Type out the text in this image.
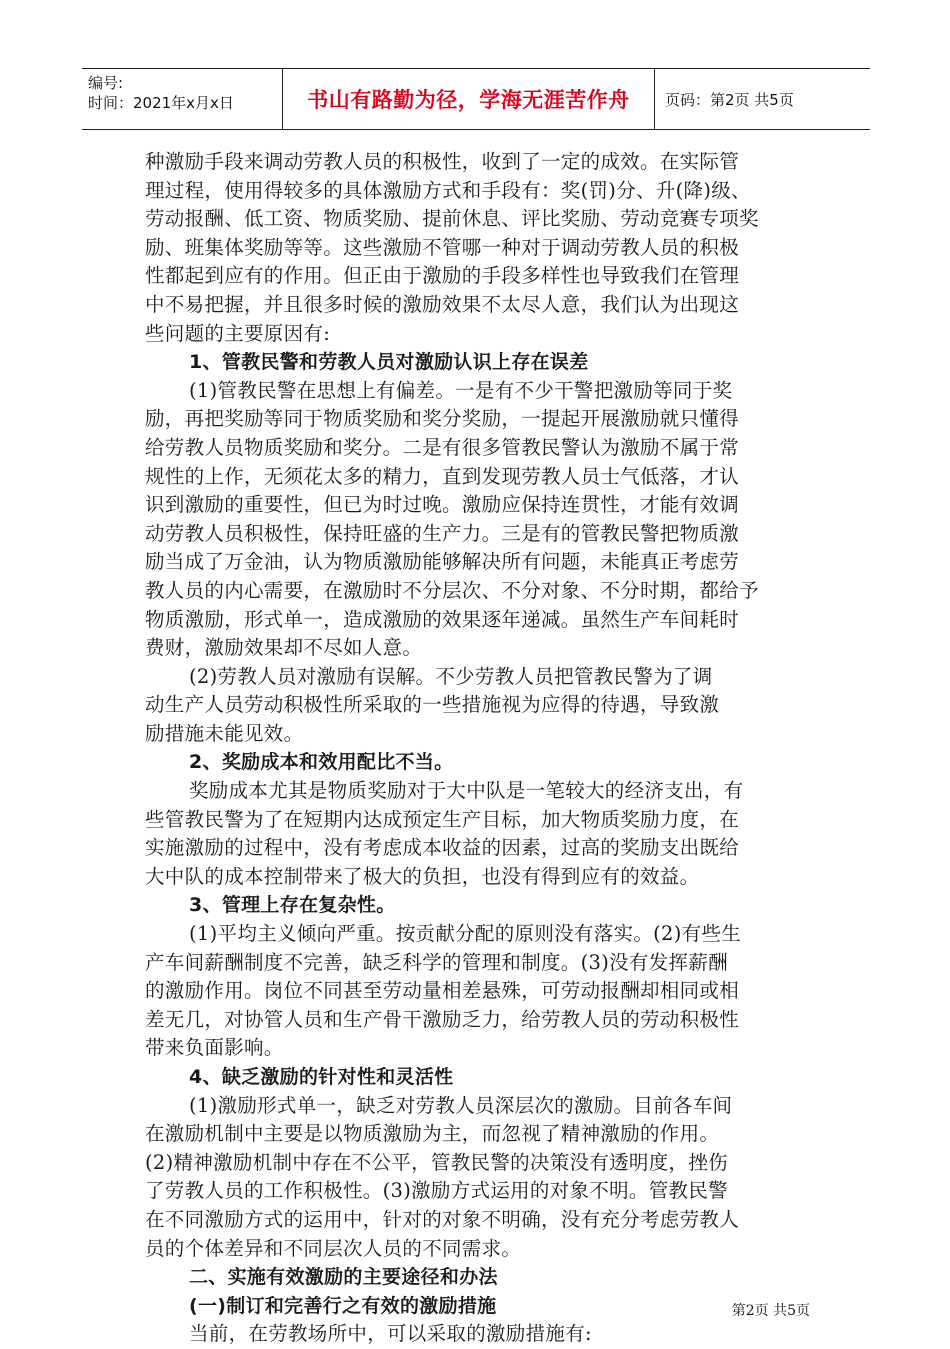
编号:
时间：2021年x月x日	书山有路勤为径，学海无涯苦作舟 页码：第2页 共5页
种激励手段来调动劳教人员的积极性，收到了一定的成效。在实际管
理过程，使用得较多的具体激励方式和手段有：奖(罚)分、升(降)级、
劳动报酬、低工资、物质奖励、提前休息、评比奖励、劳动竞赛专项奖
励、班集体奖励等等。这些激励不管哪一种对于调动劳教人员的积极
性都起到应有的作用。但正由于激励的手段多样性也导致我们在管理
中不易把握，并且很多时候的激励效果不太尽人意，我们认为出现这
些问题的主要原因有:
1、管教民警和劳教人员对激励认识上存在误差
(1)管教民警在思想上有偏差。一是有不少干警把激励等同于奖
励，再把奖励等同于物质奖励和奖分奖励，一提起开展激励就只懂得
给劳教人员物质奖励和奖分。二是有很多管教民警认为激励不属于常
规性的上作，无须花太多的精力，直到发现劳教人员士气低落，才认
识到激励的重要性，但已为时过晚。激励应保持连贯性，才能有效调
动劳教人员积极性，保持旺盛的生产力。三是有的管教民警把物质激
励当成了万金油，认为物质激励能够解决所有问题，未能真正考虑劳
教人员的内心需要，在激励时不分层次、不分对象、不分时期，都给予
物质激励，形式单一，造成激励的效果逐年递减。虽然生产车间耗时
费财，激励效果却不尽如人意。
(2)劳教人员对激励有误解。不少劳教人员把管教民警为了调
动生产人员劳动积极性所采取的一些措施视为应得的待遇，导致激
励措施未能见效。
2、奖励成本和效用配比不当。
奖励成本尤其是物质奖励对于大中队是一笔较大的经济支出，有
些管教民警为了在短期内达成预定生产目标，加大物质奖励力度，在
实施激励的过程中，没有考虑成本收益的因素，过高的奖励支出既给
大中队的成本控制带来了极大的负担，也没有得到应有的效益。
3、管理上存在复杂性。
(1)平均主义倾向严重。按贡献分配的原则没有落实。(2)有些生
产车间薪酬制度不完善，缺乏科学的管理和制度。(3)没有发挥薪酬
的激励作用。岗位不同甚至劳动量相差悬殊，可劳动报酬却相同或相
差无几，对协管人员和生产骨干激励乏力，给劳教人员的劳动积极性
带来负面影响。
4、缺乏激励的针对性和灵活性
(1)激励形式单一，缺乏对劳教人员深层次的激励。目前各车间
在激励机制中主要是以物质激励为主，而忽视了精神激励的作用。
(2)精神激励机制中存在不公平，管教民警的决策没有透明度，挫伤
了劳教人员的工作积极性。(3)激励方式运用的对象不明。管教民警
在不同激励方式的运用中，针对的对象不明确，没有充分考虑劳教人
员的个体差异和不同层次人员的不同需求。
二、实施有效激励的主要途径和办法
(一)制订和完善行之有效的激励措施
当前，在劳教场所中，可以采取的激励措施有:
第2页 共5页
